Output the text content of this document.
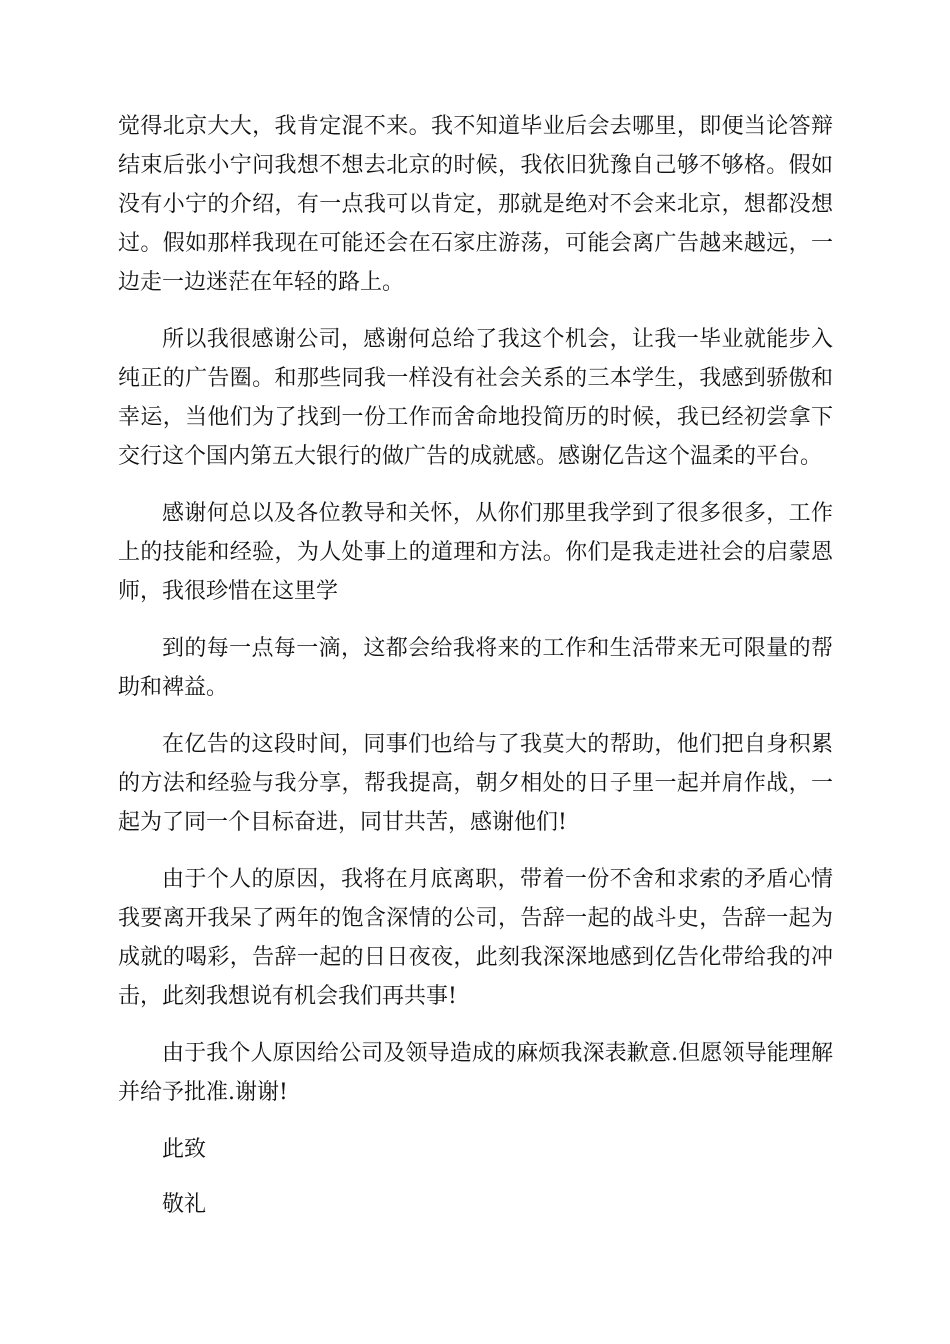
觉得北京大大，我肯定混不来。我不知道毕业后会去哪里，即便当论答辩结束后张小宁问我想不想去北京的时候，我依旧犹豫自己够不够格。假如没有小宁的介绍，有一点我可以肯定，那就是绝对不会来北京，想都没想过。假如那样我现在可能还会在石家庄游荡，可能会离广告越来越远，一边走一边迷茫在年轻的路上。

所以我很感谢公司，感谢何总给了我这个机会，让我一毕业就能步入纯正的广告圈。和那些同我一样没有社会关系的三本学生，我感到骄傲和幸运，当他们为了找到一份工作而舍命地投简历的时候，我已经初尝拿下交行这个国内第五大银行的做广告的成就感。感谢亿告这个温柔的平台。

感谢何总以及各位教导和关怀，从你们那里我学到了很多很多，工作上的技能和经验，为人处事上的道理和方法。你们是我走进社会的启蒙恩师，我很珍惜在这里学

到的每一点每一滴，这都会给我将来的工作和生活带来无可限量的帮助和裨益。

在亿告的这段时间，同事们也给与了我莫大的帮助，他们把自身积累的方法和经验与我分享，帮我提高，朝夕相处的日子里一起并肩作战，一起为了同一个目标奋进，同甘共苦，感谢他们!

由于个人的原因，我将在月底离职，带着一份不舍和求索的矛盾心情我要离开我呆了两年的饱含深情的公司，告辞一起的战斗史，告辞一起为成就的喝彩，告辞一起的日日夜夜，此刻我深深地感到亿告化带给我的冲击，此刻我想说有机会我们再共事!

由于我个人原因给公司及领导造成的麻烦我深表歉意.但愿领导能理解并给予批准.谢谢!

此致

敬礼
